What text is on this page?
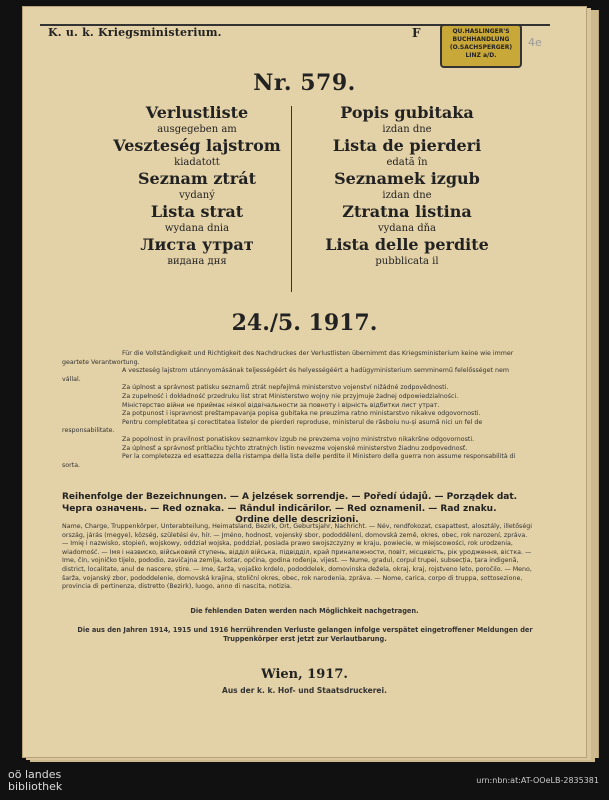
K. u. k. Kriegsministerium.	F	QU.HASLINGER'S
BUCHHANDLUNG
(O.SACHSPERGER)
LINZ a/D.
4e
Nr. 579.
Verlustliste
ausgegeben am
Veszteség lajstrom
kiadatott
Seznam ztrát
vydaný
Lista strat
wydana dnia
Листа утрат
видана дня
Popis gubitaka
izdan dne
Lista de pierderi
edată în
Seznamek izgub
izdan dne
Ztratna listina
vydana dňa
Lista delle perdite
pubblicata il
24./5. 1917.

Für die Vollständigkeit und Richtigkeit des Nachdruckes der Verlustlisten übernimmt das Kriegsministerium keine wie immer geartete Verantwortung.

A veszteség lajstrom utánnyomásának teljességéért és helyességéért a hadügyministerium semminemű felelősséget nem vállal.

Za úplnost a správnost patisku seznamů ztrát nepřejímá ministerstvo vojenství nižádné zodpovědnosti.

Za zupełność i dokładność przedruku list strat Ministerstwo wojny nie przyjmuje żadnej odpowiedzialności.

Міністерство війни не приймає ніякої відвічальности за повноту і вірність відбитки лист утрат.

Za potpunost i ispravnost preštampavanja popisa gubitaka ne preuzima ratno ministarstvo nikakve odgovornosti.

Pentru completitatea și corectitatea listelor de pierderi reproduse, ministerul de răsboiu nu-și asumă nici un fel de responsabilitate.

Za popolnost in pravilnost ponatiskov seznamkov izgub ne prevzema vojno ministrstvo nikakršne odgovornosti.

Za úplnosť a správnosť prítlačku týchto ztratných listin nevezme vojenské ministerstvo žiadnu zodpovednosť.

Per la completezza ed esattezza della ristampa della lista delle perdite il Ministero della guerra non assume responsabilità di sorta.

Reihenfolge der Bezeichnungen. — A jelzések sorrendje. — Poředí údajů. — Porządek dat.
Черга означень. — Red oznaka. — Rândul indicărilor. — Red oznamenil. — Rad znaku.
Ordine delle descrizioni.

Name, Charge, Truppenkörper, Unterabteilung, Heimatsland, Bezirk, Ort, Geburtsjahr, Nachricht. — Név, rendfokozat, csapattest, alosztály, illetőségi ország, járás (megye), község, születési év, hír. — Jméno, hodnost, vojenský sbor, pododdělení, domovská země, okres, obec, rok narození, zpráva. — Imię i nazwisko, stopień, wojskowy, oddział wojska, poddział, posiada prawo swojszczyzny w kraju, powiecie, w miejscowości, rok urodzenia, wiadomość. — Імя і назвиско, військовий ступень, відділ війська, підвідділ, край приналежности, повіт, місцевість, рік уродження, вістка. — Ime, čin, vojničko tijelo, pododio, zavičajna zemlja, kotar, općina, godina rođenja, vijest. — Nume, gradul, corpul trupei, subsecția, țara indigenă, district, localitate, anul de nascere, știre. — Ime, šarža, vojaško krdelo, pododdelek, domovinska dežela, okraj, kraj, rojstveno leto, poročilo. — Meno, šarža, vojanský zbor, pododdelenie, domovská krajina, stoliční okres, obec, rok narodenia, zpráva. — Nome, carica, corpo di truppa, sottosezione, provincia di pertinenza, distretto (Bezirk), luogo, anno di nascita, notizia.

Die fehlenden Daten werden nach Möglichkeit nachgetragen.
Die aus den Jahren 1914, 1915 und 1916 herrührenden Verluste gelangen infolge verspätet eingetroffener Meldungen der Truppenkörper erst jetzt zur Verlautbarung.
Wien, 1917.
Aus der k. k. Hof- und Staatsdruckerei.
oö landes
bibliothek	urn:nbn:at:AT-OOeLB-2835381
